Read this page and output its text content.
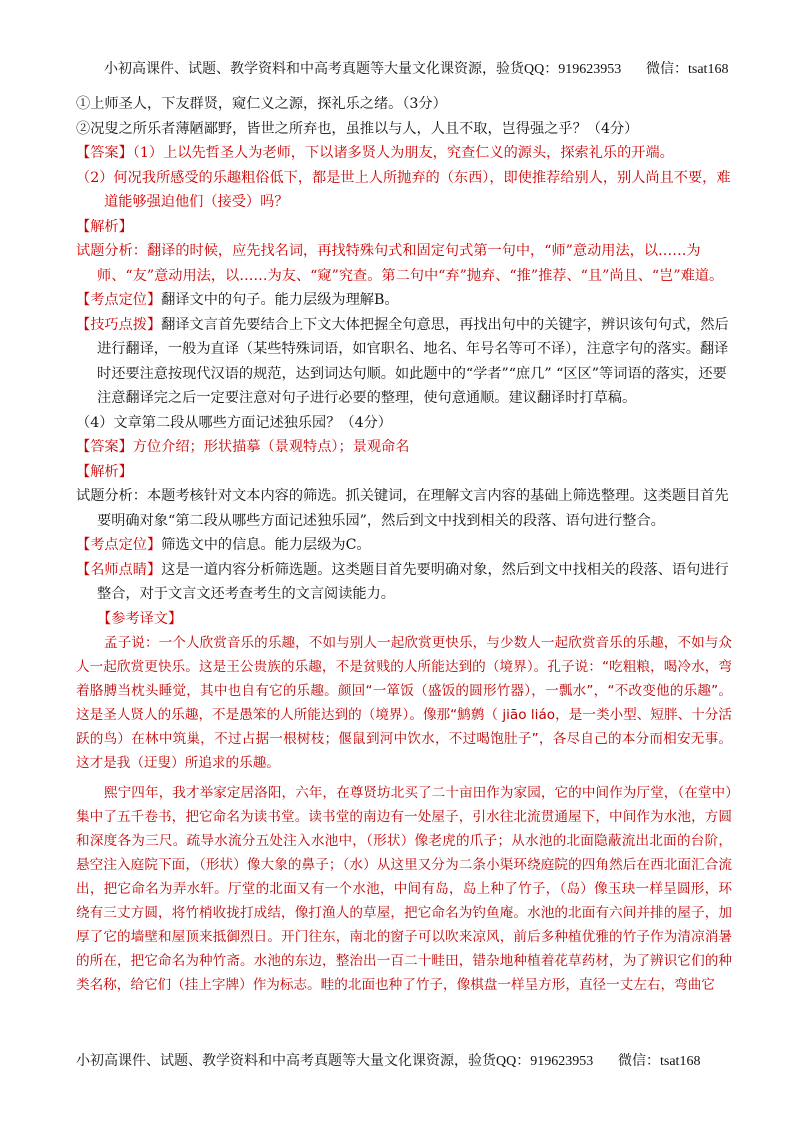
小初高课件、试题、教学资料和中高考真题等大量文化课资源，验货QQ：919623953 微信：tsat168

①上师圣人，下友群贤，窥仁义之源，探礼乐之绪。（3分）

②况叟之所乐者薄陋鄙野，皆世之所弃也，虽推以与人，人且不取，岂得强之乎？（4分）

【答案】（1）上以先哲圣人为老师，下以诸多贤人为朋友，究查仁义的源头，探索礼乐的开端。

（2）何况我所感受的乐趣粗俗低下，都是世上人所抛弃的（东西），即使推荐给别人，别人尚且不要，难道能够强迫他们（接受）吗？

【解析】

试题分析：翻译的时候，应先找名词，再找特殊句式和固定句式第一句中，“师”意动用法，以……为师、“友”意动用法，以……为友、“窥”究查。第二句中“弃”抛弃、“推”推荐、“且”尚且、“岂”难道。

【考点定位】翻译文中的句子。能力层级为理解B。

【技巧点拨】翻译文言首先要结合上下文大体把握全句意思，再找出句中的关键字，辨识该句句式，然后进行翻译，一般为直译（某些特殊词语，如官职名、地名、年号名等可不译），注意字句的落实。翻译时还要注意按现代汉语的规范，达到词达句顺。如此题中的“学者”“庶几” “区区”等词语的落实，还要注意翻译完之后一定要注意对句子进行必要的整理，使句意通顺。建议翻译时打草稿。

（4）文章第二段从哪些方面记述独乐园？（4分）

【答案】方位介绍；形状描摹（景观特点）；景观命名

【解析】

试题分析：本题考核针对文本内容的筛选。抓关键词，在理解文言内容的基础上筛选整理。这类题目首先要明确对象“第二段从哪些方面记述独乐园”，然后到文中找到相关的段落、语句进行整合。

【考点定位】筛选文中的信息。能力层级为C。

【名师点睛】这是一道内容分析筛选题。这类题目首先要明确对象，然后到文中找相关的段落、语句进行整合，对于文言文还考查考生的文言阅读能力。

【参考译文】

孟子说：一个人欣赏音乐的乐趣，不如与别人一起欣赏更快乐，与少数人一起欣赏音乐的乐趣，不如与众人一起欣赏更快乐。这是王公贵族的乐趣，不是贫贱的人所能达到的（境界）。孔子说：“吃粗粮，喝冷水，弯着胳膊当枕头睡觉，其中也自有它的乐趣。颜回“一箪饭（盛饭的圆形竹器），一瓢水”，“不改变他的乐趣”。这是圣人贤人的乐趣，不是愚笨的人所能达到的（境界）。像那“鹪鹩（ jiāo liáo，是一类小型、短胖、十分活跃的鸟）在林中筑巢，不过占据一根树枝；偃鼠到河中饮水，不过喝饱肚子”，各尽自己的本分而相安无事。这才是我（迂叟）所追求的乐趣。

熙宁四年，我才举家定居洛阳，六年，在尊贤坊北买了二十亩田作为家园，它的中间作为厅堂，（在堂中）集中了五千卷书，把它命名为读书堂。读书堂的南边有一处屋子，引水往北流贯通屋下，中间作为水池，方圆和深度各为三尺。疏导水流分五处注入水池中，（形状）像老虎的爪子；从水池的北面隐蔽流出北面的台阶，悬空注入庭院下面，（形状）像大象的鼻子；（水）从这里又分为二条小渠环绕庭院的四角然后在西北面汇合流出，把它命名为弄水轩。厅堂的北面又有一个水池，中间有岛，岛上种了竹子，（岛）像玉玦一样呈圆形，环绕有三丈方圆，将竹梢收拢打成结，像打渔人的草屋，把它命名为钓鱼庵。水池的北面有六间并排的屋子，加厚了它的墙壁和屋顶来抵御烈日。开门往东，南北的窗子可以吹来凉风，前后多种植优雅的竹子作为清凉消暑的所在，把它命名为种竹斋。水池的东边，整治出一百二十畦田，错杂地种植着花草药材，为了辨识它们的种类名称，给它们（挂上字牌）作为标志。畦的北面也种了竹子，像棋盘一样呈方形，直径一丈左右，弯曲它

小初高课件、试题、教学资料和中高考真题等大量文化课资源，验货QQ：919623953 微信：tsat168
